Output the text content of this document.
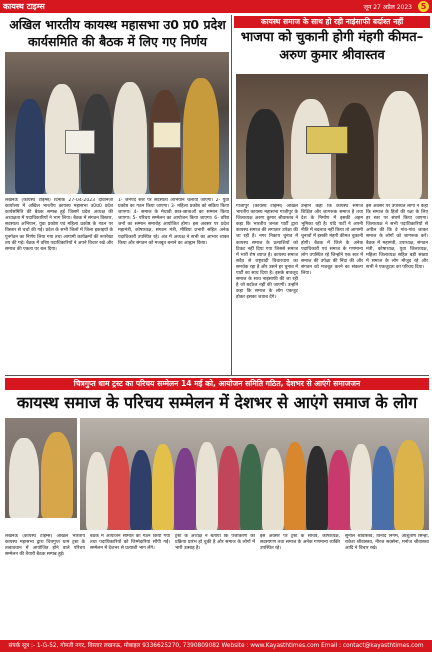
कायस्थ टाइम्स	जून 27 अप्रैल 2023	5
अखिल भारतीय कायस्थ महासभा उ0 प्र0 प्रदेश कार्यसमिति की बैठक में लिए गए निर्णय

लखनऊ (कायस्थ टाइम्स) दिनांक 27-04-2023 दीवानजी कार्यालय में अखिल भारतीय कायस्थ महासभा उ0प्र0 प्रदेश कार्यसमिति की बैठक सम्पन्न हुई जिसमें प्रदेश अध्यक्ष की अध्यक्षता में पदाधिकारियों ने भाग लिया। बैठक में संगठन विस्तार, सदस्यता अभियान, युवा प्रकोष्ठ एवं महिला प्रकोष्ठ के गठन पर विस्तार से चर्चा की गई। प्रदेश के सभी जिलों में जिला इकाइयों के पुनर्गठन का निर्णय लिया गया तथा आगामी कार्यक्रमों की रूपरेखा तय की गई। बैठक में वरिष्ठ पदाधिकारियों ने अपने विचार रखे और समाज की एकता पर बल दिया।

1- जनपद स्तर पर सदस्यता अभियान चलाया जाएगा। 2- युवा प्रकोष्ठ का गठन किया जाएगा। 3- महिला प्रकोष्ठ को सक्रिय किया जाएगा। 4- समाज के मेधावी छात्र-छात्राओं का सम्मान किया जाएगा। 5- परिचय सम्मेलन का आयोजन किया जाएगा। 6- वरिष्ठ जनों का सम्मान समारोह आयोजित होगा। इस अवसर पर प्रदेश महामंत्री, कोषाध्यक्ष, संगठन मंत्री, मीडिया प्रभारी सहित अनेक पदाधिकारी उपस्थित रहे। अंत में अध्यक्ष ने सभी का आभार व्यक्त किया और संगठन को मजबूत बनाने का आह्वान किया।

कायस्थ समाज के साथ हो रही नाइंसाफी बर्दाश्त नहीं
भाजपा को चुकानी होगी मंहगी कीमत–अरुण कुमार श्रीवास्तव

गाजीपुर (कायस्थ टाइम्स) अखिल भारतीय कायस्थ महासभा गाजीपुर के जिलाध्यक्ष अरुण कुमार श्रीवास्तव ने कहा कि भारतीय जनता पार्टी द्वारा कायस्थ समाज की लगातार उपेक्षा की जा रही है। नगर निकाय चुनाव में कायस्थ समाज के प्रत्याशियों को टिकट नहीं दिया गया जिससे समाज में भारी रोष व्याप्त है। कायस्थ समाज सदैव से राष्ट्रवादी विचारधारा का समर्थक रहा है और उसने हर चुनाव में पार्टी का साथ दिया है। इसके बावजूद समाज के साथ नाइंसाफी की जा रही है जो बर्दाश्त नहीं की जाएगी। उन्होंने कहा कि समाज के लोग एकजुट होकर इसका जवाब देंगे।

उन्होंने कहा कि कायस्थ समाज शिक्षित और जागरूक समाज है तथा देश के निर्माण में इसकी अहम भूमिका रही है। यदि पार्टी ने अपनी नीति में बदलाव नहीं किया तो आगामी चुनावों में इसकी मंहगी कीमत चुकानी होगी। बैठक में जिले के अनेक पदाधिकारी एवं समाज के गणमान्य लोग उपस्थित रहे जिन्होंने एक स्वर में समाज की उपेक्षा की निंदा की और संगठन को मजबूत करने का संकल्प लिया।

इस अवसर पर उपस्थित लोगों ने कहा कि समाज के हितों की रक्षा के लिए हर स्तर पर संघर्ष किया जाएगा। जिलाध्यक्ष ने सभी पदाधिकारियों से अपील की कि वे गांव-गांव जाकर समाज के लोगों को जागरूक करें। बैठक में महामंत्री, उपाध्यक्ष, संगठन मंत्री, कोषाध्यक्ष, युवा जिलाध्यक्ष, महिला जिलाध्यक्ष सहित बड़ी संख्या में समाज के लोग मौजूद रहे और सभी ने एकजुटता का परिचय दिया।

चित्रगुप्त धाम ट्रस्ट का परिचय सम्मेलन 14 मई को, आयोजन समिति गठित, देशभर से आएंगे समाजजन
कायस्थ समाज के परिचय सम्मेलन में देशभर से आएंगे समाज के लोग

लखनऊ (कायस्थ टाइम्स) अखिल भारतीय कायस्थ महासभा द्वारा चित्रगुप्त धाम ट्रस्ट के तत्वावधान में आयोजित होने वाले परिचय सम्मेलन की तैयारी बैठक सम्पन्न हुई।

बैठक में आयोजन समिति का गठन किया गया तथा पदाधिकारियों को जिम्मेदारियां सौंपी गईं। सम्मेलन में देशभर से प्रत्याशी भाग लेंगे।

ट्रस्ट के अध्यक्ष ने बताया कि पंजीकरण की प्रक्रिया प्रारंभ हो चुकी है और समाज के लोगों में भारी उत्साह है।

इस अवसर पर ट्रस्ट के सचिव, कोषाध्यक्ष, सदस्यगण तथा समाज के अनेक गणमान्य व्यक्ति उपस्थित रहे।

सुनील श्रीवास्तव, विनोद निगम, आशुतोष सिन्हा, राकेश श्रीवास्तव, नीरज सक्सेना, मनोज श्रीवास्तव आदि ने विचार रखे।

संपर्क सूत्र :- 1-G-52, गोमती नगर, विस्तार लखनऊ, मोबाइल 9336625270, 7390809082 Website : www.Kayasthtimes.com Email : contact@kayasthtimes.com
